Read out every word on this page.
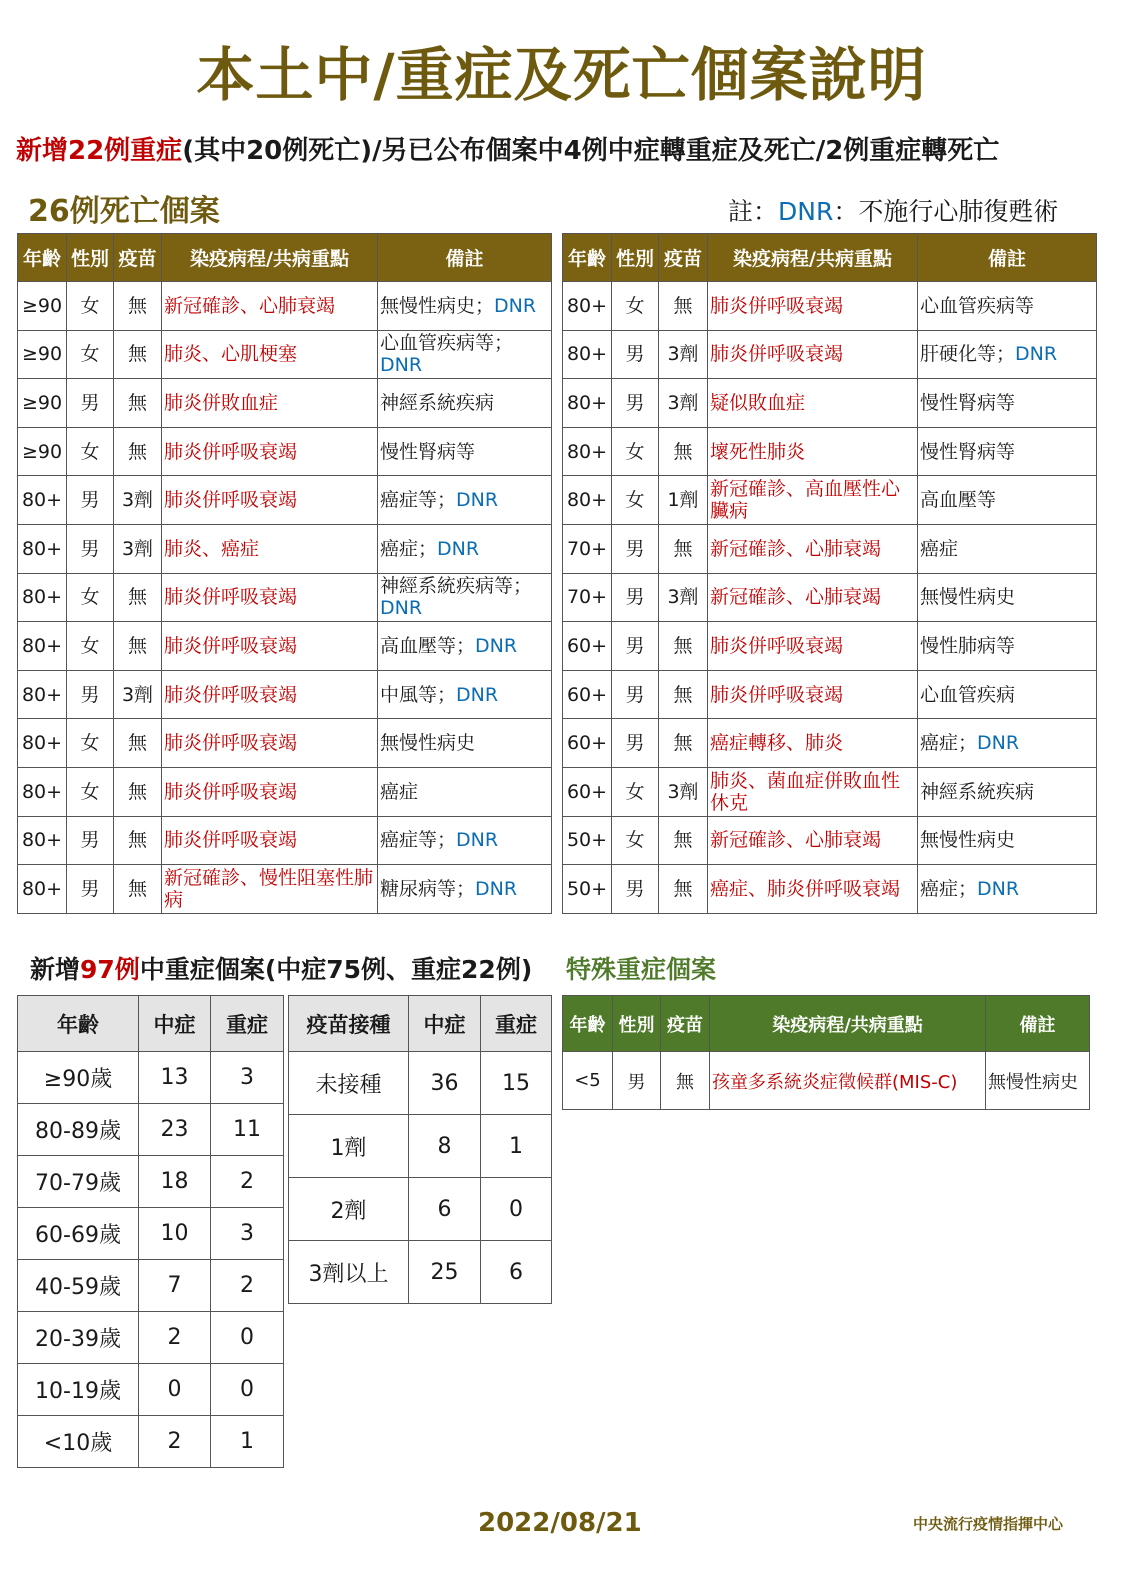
本土中/重症及死亡個案說明
新增22例重症(其中20例死亡)/另已公布個案中4例中症轉重症及死亡/2例重症轉死亡
26例死亡個案	註：DNR：不施行心肺復甦術
年齡	性別	疫苗	染疫病程/共病重點	備註
≥90	女	無	新冠確診、心肺衰竭	無慢性病史；DNR
≥90	女	無	肺炎、心肌梗塞	心血管疾病等；DNR
≥90	男	無	肺炎併敗血症	神經系統疾病
≥90	女	無	肺炎併呼吸衰竭	慢性腎病等
80+	男	3劑	肺炎併呼吸衰竭	癌症等；DNR
80+	男	3劑	肺炎、癌症	癌症；DNR
80+	女	無	肺炎併呼吸衰竭	神經系統疾病等；DNR
80+	女	無	肺炎併呼吸衰竭	高血壓等；DNR
80+	男	3劑	肺炎併呼吸衰竭	中風等；DNR
80+	女	無	肺炎併呼吸衰竭	無慢性病史
80+	女	無	肺炎併呼吸衰竭	癌症
80+	男	無	肺炎併呼吸衰竭	癌症等；DNR
80+	男	無	新冠確診、慢性阻塞性肺病	糖尿病等；DNR
年齡	性別	疫苗	染疫病程/共病重點	備註
80+	女	無	肺炎併呼吸衰竭	心血管疾病等
80+	男	3劑	肺炎併呼吸衰竭	肝硬化等；DNR
80+	男	3劑	疑似敗血症	慢性腎病等
80+	女	無	壞死性肺炎	慢性腎病等
80+	女	1劑	新冠確診、高血壓性心臟病	高血壓等
70+	男	無	新冠確診、心肺衰竭	癌症
70+	男	3劑	新冠確診、心肺衰竭	無慢性病史
60+	男	無	肺炎併呼吸衰竭	慢性肺病等
60+	男	無	肺炎併呼吸衰竭	心血管疾病
60+	男	無	癌症轉移、肺炎	癌症；DNR
60+	女	3劑	肺炎、菌血症併敗血性休克	神經系統疾病
50+	女	無	新冠確診、心肺衰竭	無慢性病史
50+	男	無	癌症、肺炎併呼吸衰竭	癌症；DNR
新增97例中重症個案(中症75例、重症22例) 特殊重症個案
年齡	中症	重症
≥90歲	13	3
80-89歲	23	11
70-79歲	18	2
60-69歲	10	3
40-59歲	7	2
20-39歲	2	0
10-19歲	0	0
<10歲	2	1
疫苗接種	中症	重症
未接種	36	15
1劑	8	1
2劑	6	0
3劑以上	25	6
年齡	性別	疫苗	染疫病程/共病重點	備註
<5	男	無	孩童多系統炎症徵候群(MIS-C)	無慢性病史
2022/08/21	中央流行疫情指揮中心
